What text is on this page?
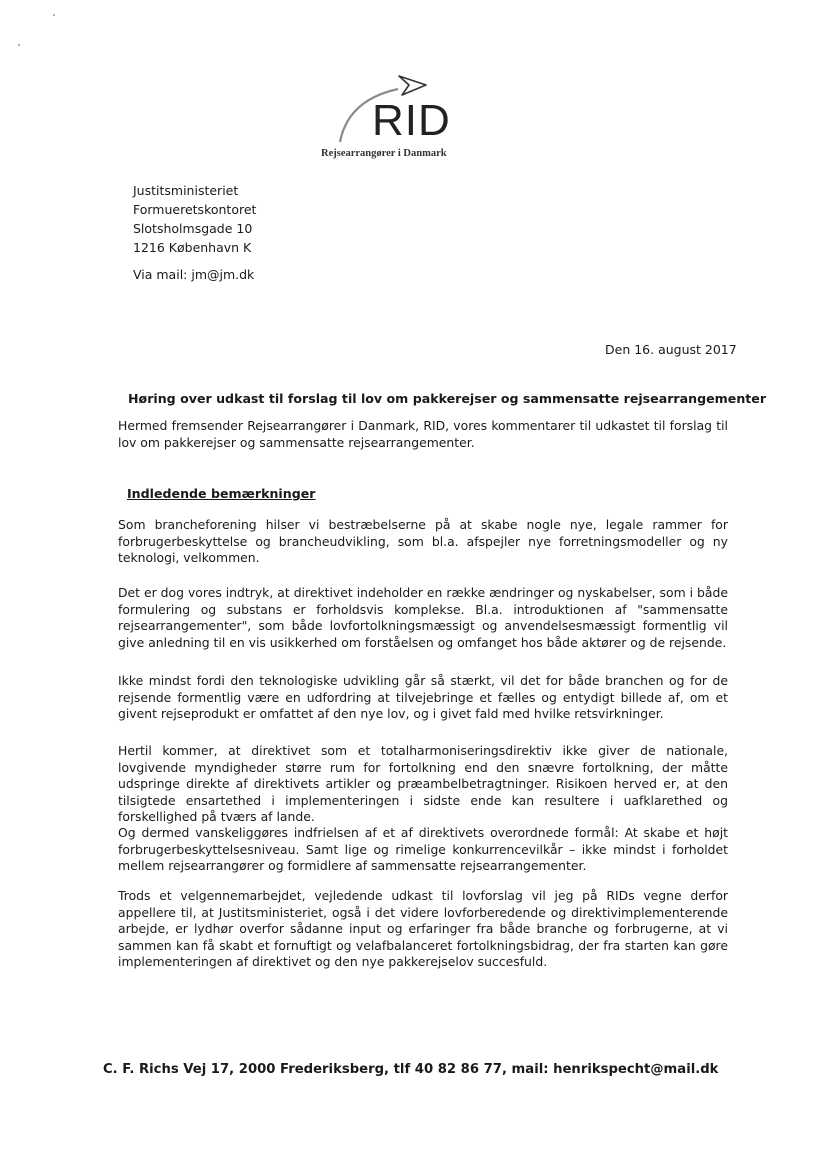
RID
Rejsearrangører i Danmark
Justitsministeriet
Formueretskontoret
Slotsholmsgade 10
1216 København K
Via mail: jm@jm.dk
Den 16. august 2017
Høring over udkast til forslag til lov om pakkerejser og sammensatte rejsearrangementer
Hermed fremsender Rejsearrangører i Danmark, RID, vores kommentarer til udkastet til forslag til lov om pakkerejser og sammensatte rejsearrangementer.
Indledende bemærkninger
Som brancheforening hilser vi bestræbelserne på at skabe nogle nye, legale rammer for forbrugerbeskyttelse og brancheudvikling, som bl.a. afspejler nye forretningsmodeller og ny teknologi, velkommen.
Det er dog vores indtryk, at direktivet indeholder en række ændringer og nyskabelser, som i både formulering og substans er forholdsvis komplekse. Bl.a. introduktionen af "sammensatte rejsearrangementer", som både lovfortolkningsmæssigt og anvendelsesmæssigt formentlig vil give anledning til en vis usikkerhed om forståelsen og omfanget hos både aktører og de rejsende.
Ikke mindst fordi den teknologiske udvikling går så stærkt, vil det for både branchen og for de rejsende formentlig være en udfordring at tilvejebringe et fælles og entydigt billede af, om et givent rejseprodukt er omfattet af den nye lov, og i givet fald med hvilke retsvirkninger.
Hertil kommer, at direktivet som et totalharmoniseringsdirektiv ikke giver de nationale, lovgivende myndigheder større rum for fortolkning end den snævre fortolkning, der måtte udspringe direkte af direktivets artikler og præambelbetragtninger. Risikoen herved er, at den tilsigtede ensartethed i implementeringen i sidste ende kan resultere i uafklarethed og forskellighed på tværs af lande.
Og dermed vanskeliggøres indfrielsen af et af direktivets overordnede formål: At skabe et højt forbrugerbeskyttelsesniveau. Samt lige og rimelige konkurrencevilkår – ikke mindst i forholdet mellem rejsearrangører og formidlere af sammensatte rejsearrangementer.
Trods et velgennemarbejdet, vejledende udkast til lovforslag vil jeg på RIDs vegne derfor appellere til, at Justitsministeriet, også i det videre lovforberedende og direktivimplementerende arbejde, er lydhør overfor sådanne input og erfaringer fra både branche og forbrugerne, at vi sammen kan få skabt et fornuftigt og velafbalanceret fortolkningsbidrag, der fra starten kan gøre implementeringen af direktivet og den nye pakkerejselov succesfuld.
C. F. Richs Vej 17, 2000 Frederiksberg, tlf 40 82 86 77, mail: henrikspecht@mail.dk
